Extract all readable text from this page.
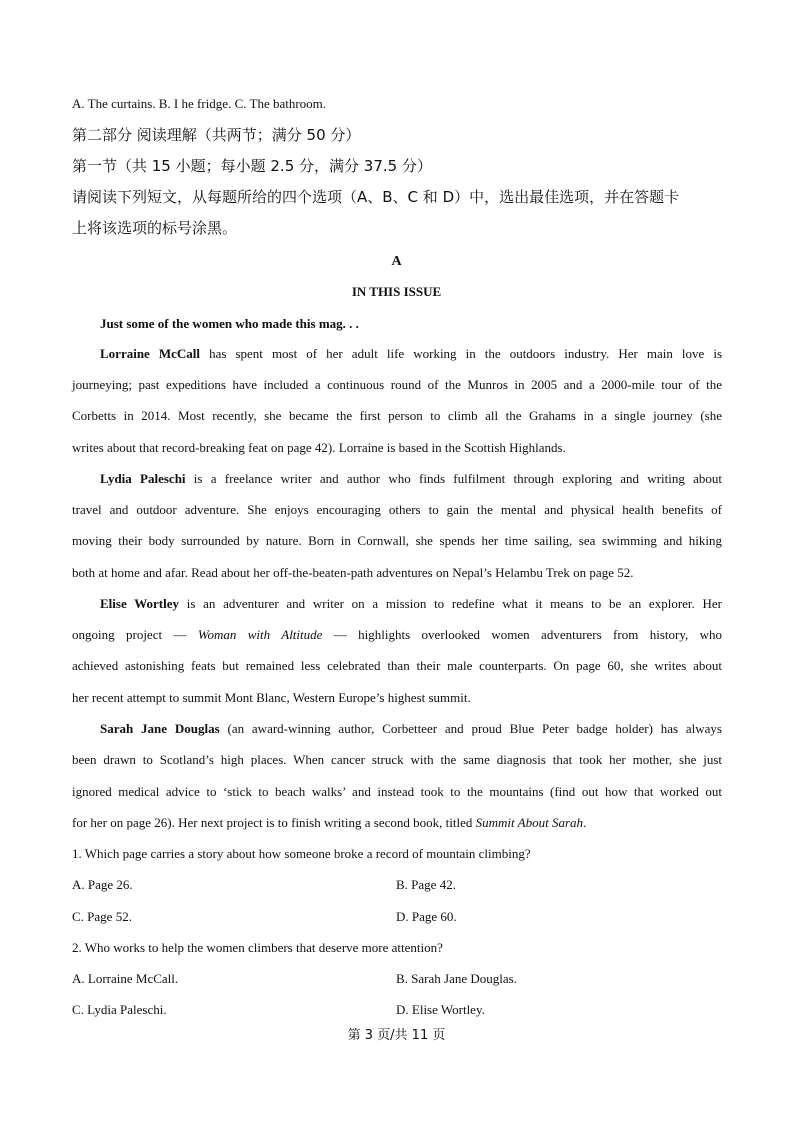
A. The curtains. B. I he fridge. C. The bathroom.
第二部分 阅读理解（共两节；满分 50 分）
第一节（共 15 小题；每小题 2.5 分，满分 37.5 分）
请阅读下列短文，从每题所给的四个选项（A、B、C 和 D）中，选出最佳选项，并在答题卡
上将该选项的标号涂黑。
A
IN THIS ISSUE
Just some of the women who made this mag. . .
Lorraine McCall has spent most of her adult life working in the outdoors industry. Her main love is
journeying; past expeditions have included a continuous round of the Munros in 2005 and a 2000-mile tour of the
Corbetts in 2014. Most recently, she became the first person to climb all the Grahams in a single journey (she
writes about that record-breaking feat on page 42). Lorraine is based in the Scottish Highlands.
Lydia Paleschi is a freelance writer and author who finds fulfilment through exploring and writing about
travel and outdoor adventure. She enjoys encouraging others to gain the mental and physical health benefits of
moving their body surrounded by nature. Born in Cornwall, she spends her time sailing, sea swimming and hiking
both at home and afar. Read about her off-the-beaten-path adventures on Nepal’s Helambu Trek on page 52.
Elise Wortley is an adventurer and writer on a mission to redefine what it means to be an explorer. Her
ongoing project — Woman with Altitude — highlights overlooked women adventurers from history, who
achieved astonishing feats but remained less celebrated than their male counterparts. On page 60, she writes about
her recent attempt to summit Mont Blanc, Western Europe’s highest summit.
Sarah Jane Douglas (an award-winning author, Corbetteer and proud Blue Peter badge holder) has always
been drawn to Scotland’s high places. When cancer struck with the same diagnosis that took her mother, she just
ignored medical advice to ‘stick to beach walks’ and instead took to the mountains (find out how that worked out
for her on page 26). Her next project is to finish writing a second book, titled Summit About Sarah.
1. Which page carries a story about how someone broke a record of mountain climbing?
A. Page 26.	B. Page 42.
C. Page 52.	D. Page 60.
2. Who works to help the women climbers that deserve more attention?
A. Lorraine McCall.	B. Sarah Jane Douglas.
C. Lydia Paleschi.	D. Elise Wortley.
第 3 页/共 11 页
